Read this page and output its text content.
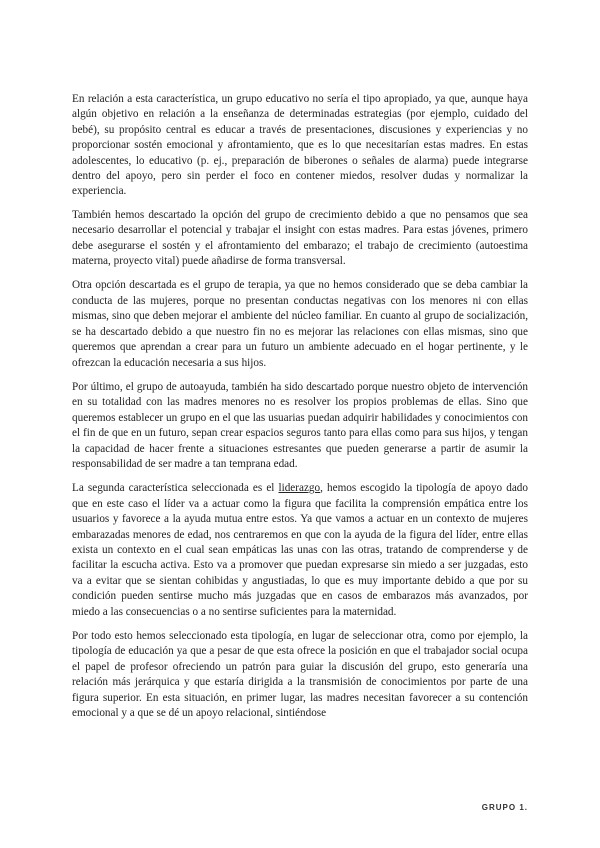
En relación a esta característica, un grupo educativo no sería el tipo apropiado, ya que, aunque haya algún objetivo en relación a la enseñanza de determinadas estrategias (por ejemplo, cuidado del bebé), su propósito central es educar a través de presentaciones, discusiones y experiencias y no proporcionar sostén emocional y afrontamiento, que es lo que necesitarían estas madres. En estas adolescentes, lo educativo (p. ej., preparación de biberones o señales de alarma) puede integrarse dentro del apoyo, pero sin perder el foco en contener miedos, resolver dudas y normalizar la experiencia.

También hemos descartado la opción del grupo de crecimiento debido a que no pensamos que sea necesario desarrollar el potencial y trabajar el insight con estas madres. Para estas jóvenes, primero debe asegurarse el sostén y el afrontamiento del embarazo; el trabajo de crecimiento (autoestima materna, proyecto vital) puede añadirse de forma transversal.

Otra opción descartada es el grupo de terapia, ya que no hemos considerado que se deba cambiar la conducta de las mujeres, porque no presentan conductas negativas con los menores ni con ellas mismas, sino que deben mejorar el ambiente del núcleo familiar. En cuanto al grupo de socialización, se ha descartado debido a que nuestro fin no es mejorar las relaciones con ellas mismas, sino que queremos que aprendan a crear para un futuro un ambiente adecuado en el hogar pertinente, y le ofrezcan la educación necesaria a sus hijos.

Por último, el grupo de autoayuda, también ha sido descartado porque nuestro objeto de intervención en su totalidad con las madres menores no es resolver los propios problemas de ellas. Sino que queremos establecer un grupo en el que las usuarias puedan adquirir habilidades y conocimientos con el fin de que en un futuro, sepan crear espacios seguros tanto para ellas como para sus hijos, y tengan la capacidad de hacer frente a situaciones estresantes que pueden generarse a partir de asumir la responsabilidad de ser madre a tan temprana edad.

La segunda característica seleccionada es el liderazgo, hemos escogido la tipología de apoyo dado que en este caso el líder va a actuar como la figura que facilita la comprensión empática entre los usuarios y favorece a la ayuda mutua entre estos. Ya que vamos a actuar en un contexto de mujeres embarazadas menores de edad, nos centraremos en que con la ayuda de la figura del líder, entre ellas exista un contexto en el cual sean empáticas las unas con las otras, tratando de comprenderse y de facilitar la escucha activa. Esto va a promover que puedan expresarse sin miedo a ser juzgadas, esto va a evitar que se sientan cohibidas y angustiadas, lo que es muy importante debido a que por su condición pueden sentirse mucho más juzgadas que en casos de embarazos más avanzados, por miedo a las consecuencias o a no sentirse suficientes para la maternidad.

Por todo esto hemos seleccionado esta tipología, en lugar de seleccionar otra, como por ejemplo, la tipología de educación ya que a pesar de que esta ofrece la posición en que el trabajador social ocupa el papel de profesor ofreciendo un patrón para guiar la discusión del grupo, esto generaría una relación más jerárquica y que estaría dirigida a la transmisión de conocimientos por parte de una figura superior. En esta situación, en primer lugar, las madres necesitan favorecer a su contención emocional y a que se dé un apoyo relacional, sintiéndose

GRUPO 1.
